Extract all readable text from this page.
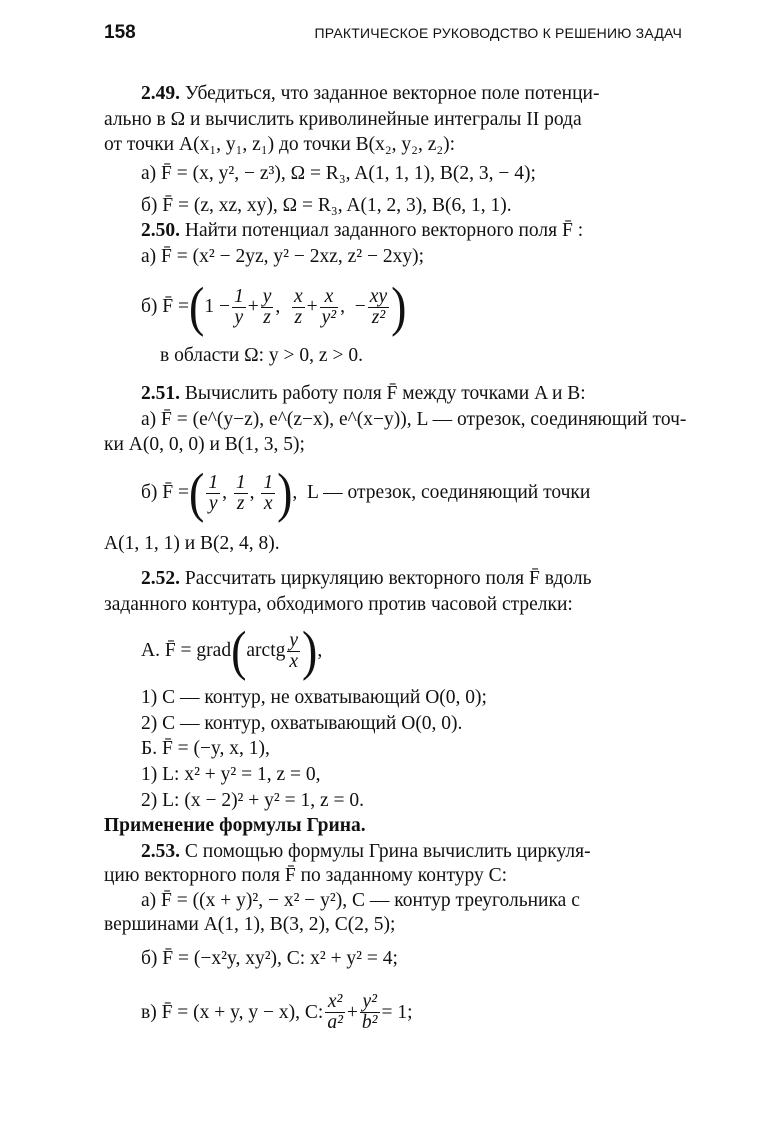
158	ПРАКТИЧЕСКОЕ РУКОВОДСТВО К РЕШЕНИЮ ЗАДАЧ
2.49. Убедиться, что заданное векторное поле потенци-
ально в Ω и вычислить криволинейные интегралы II рода
от точки A(x₁, y₁, z₁) до точки B(x₂, y₂, z₂):
а) F̄ = (x, y², − z³), Ω = R₃, A(1, 1, 1), B(2, 3, − 4);
б) F̄ = (z, xz, xy), Ω = R₃, A(1, 2, 3), B(6, 1, 1).
2.50. Найти потенциал заданного векторного поля F̄ :
а) F̄ = (x² − 2yz, y² − 2xz, z² − 2xy);
б) F̄ = ( $1 - \frac{1}{y} + \frac{y}{z}$ , $\frac{x}{z} + \frac{x}{\text{y²}}$ , − $\frac{xy}{\text{z²}}$ )
в области Ω: y > 0, z > 0.
2.51. Вычислить работу поля F̄ между точками A и B:
а) F̄ = (e^(y−z), e^(z−x), e^(x−y)), L — отрезок, соединяющий точ-
ки A(0, 0, 0) и B(1, 3, 5);
б) F̄ = ( $\frac{1}{y}$ , $\frac{1}{z}$ , $\frac{1}{x}$ ) , L — отрезок, соединяющий точки
A(1, 1, 1) и B(2, 4, 8).
2.52. Рассчитать циркуляцию векторного поля F̄ вдоль
заданного контура, обходимого против часовой стрелки:
А. F̄ = grad ( arctg $\frac{y}{x}$ ) ,
1) C — контур, не охватывающий O(0, 0);
2) C — контур, охватывающий O(0, 0).
Б. F̄ = (−y, x, 1),
1) L: x² + y² = 1, z = 0,
2) L: (x − 2)² + y² = 1, z = 0.
Применение формулы Грина.
2.53. С помощью формулы Грина вычислить циркуля-
цию векторного поля F̄ по заданному контуру C:
а) F̄ = ((x + y)², − x² − y²), C — контур треугольника с
вершинами A(1, 1), B(3, 2), C(2, 5);
б) F̄ = (−x²y, xy²), C: x² + y² = 4;
в) F̄ = (x + y, y − x), C: $\frac{\text{x²}}{\text{a²}} + \frac{\text{y²}}{\text{b²}} = 1$;
